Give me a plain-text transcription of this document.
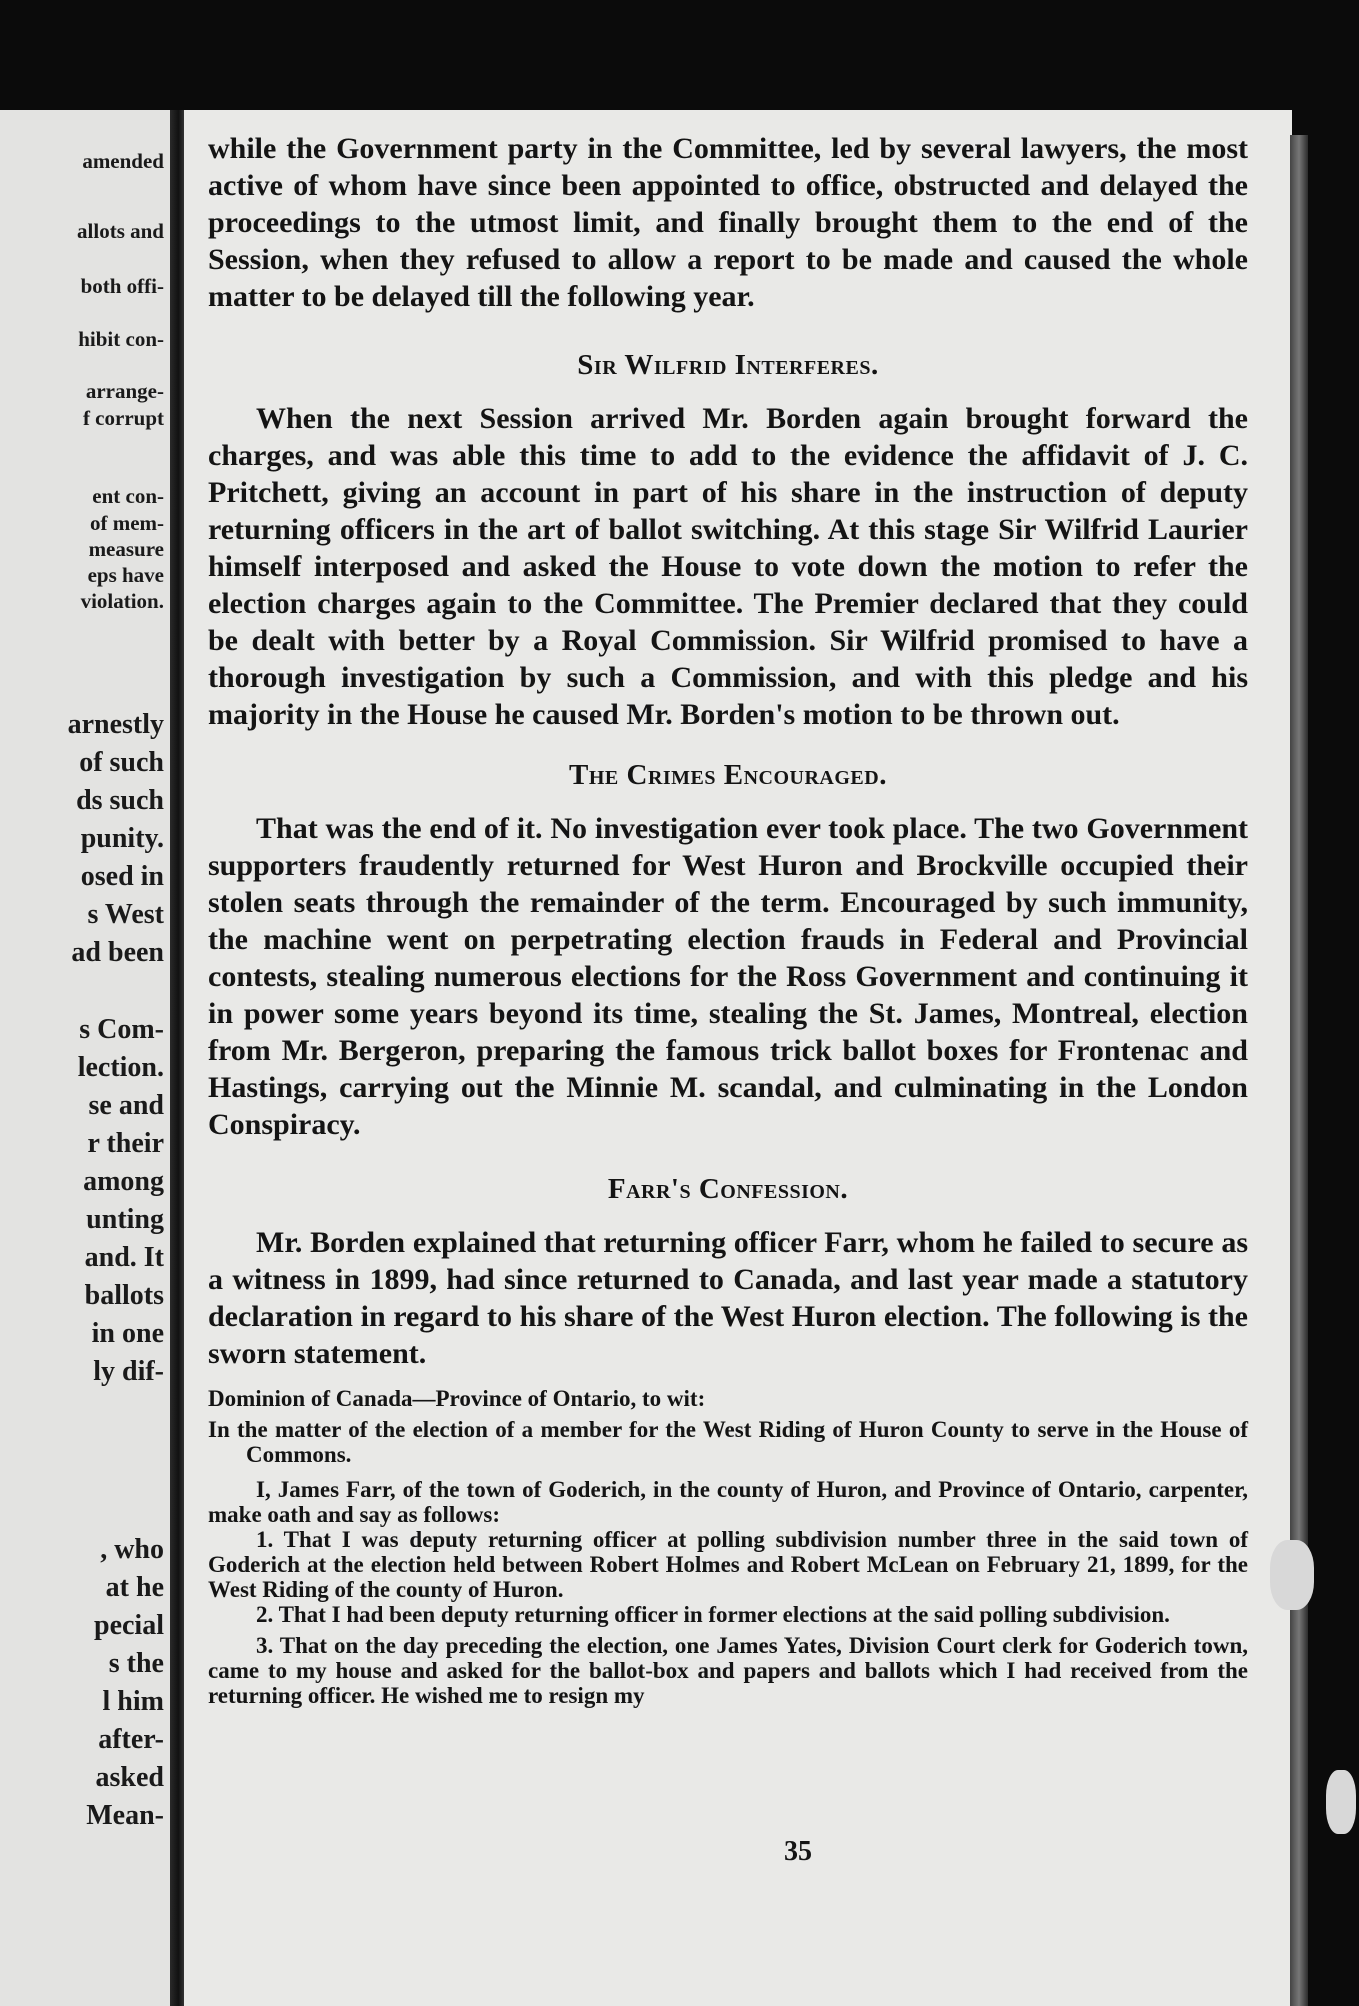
amended
allots and
both offi-
hibit con-
arrange-
f corrupt
ent con-
of mem-
measure
eps have
violation.
arnestly
of such
ds such
punity.
osed in
s West
ad been
s Com-
lection.
se and
r their
among
unting
and. It
ballots
in one
ly dif-
, who
at he
pecial
s the
l him
after-
asked
Mean-

while the Government party in the Committee, led by several lawyers, the most active of whom have since been appointed to office, obstructed and delayed the proceedings to the utmost limit, and finally brought them to the end of the Session, when they refused to allow a report to be made and caused the whole matter to be delayed till the following year.

Sir Wilfrid Interferes.

When the next Session arrived Mr. Borden again brought forward the charges, and was able this time to add to the evidence the affidavit of J. C. Pritchett, giving an account in part of his share in the instruction of deputy returning officers in the art of ballot switching. At this stage Sir Wilfrid Laurier himself interposed and asked the House to vote down the motion to refer the election charges again to the Committee. The Premier declared that they could be dealt with better by a Royal Commission. Sir Wilfrid promised to have a thorough investigation by such a Commission, and with this pledge and his majority in the House he caused Mr. Borden's motion to be thrown out.

The Crimes Encouraged.

That was the end of it. No investigation ever took place. The two Government supporters fraudently returned for West Huron and Brockville occupied their stolen seats through the remainder of the term. Encouraged by such immunity, the machine went on perpetrating election frauds in Federal and Provincial contests, stealing numerous elections for the Ross Government and continuing it in power some years beyond its time, stealing the St. James, Montreal, election from Mr. Bergeron, preparing the famous trick ballot boxes for Frontenac and Hastings, carrying out the Minnie M. scandal, and culminating in the London Conspiracy.

Farr's Confession.

Mr. Borden explained that returning officer Farr, whom he failed to secure as a witness in 1899, had since returned to Canada, and last year made a statutory declaration in regard to his share of the West Huron election. The following is the sworn statement.

Dominion of Canada—Province of Ontario, to wit:

In the matter of the election of a member for the West Riding of Huron County to serve in the House of Commons.

I, James Farr, of the town of Goderich, in the county of Huron, and Province of Ontario, carpenter, make oath and say as follows:

1. That I was deputy returning officer at polling subdivision number three in the said town of Goderich at the election held between Robert Holmes and Robert McLean on February 21, 1899, for the West Riding of the county of Huron.

2. That I had been deputy returning officer in former elections at the said polling subdivision.

3. That on the day preceding the election, one James Yates, Division Court clerk for Goderich town, came to my house and asked for the ballot-box and papers and ballots which I had received from the returning officer. He wished me to resign my

35
